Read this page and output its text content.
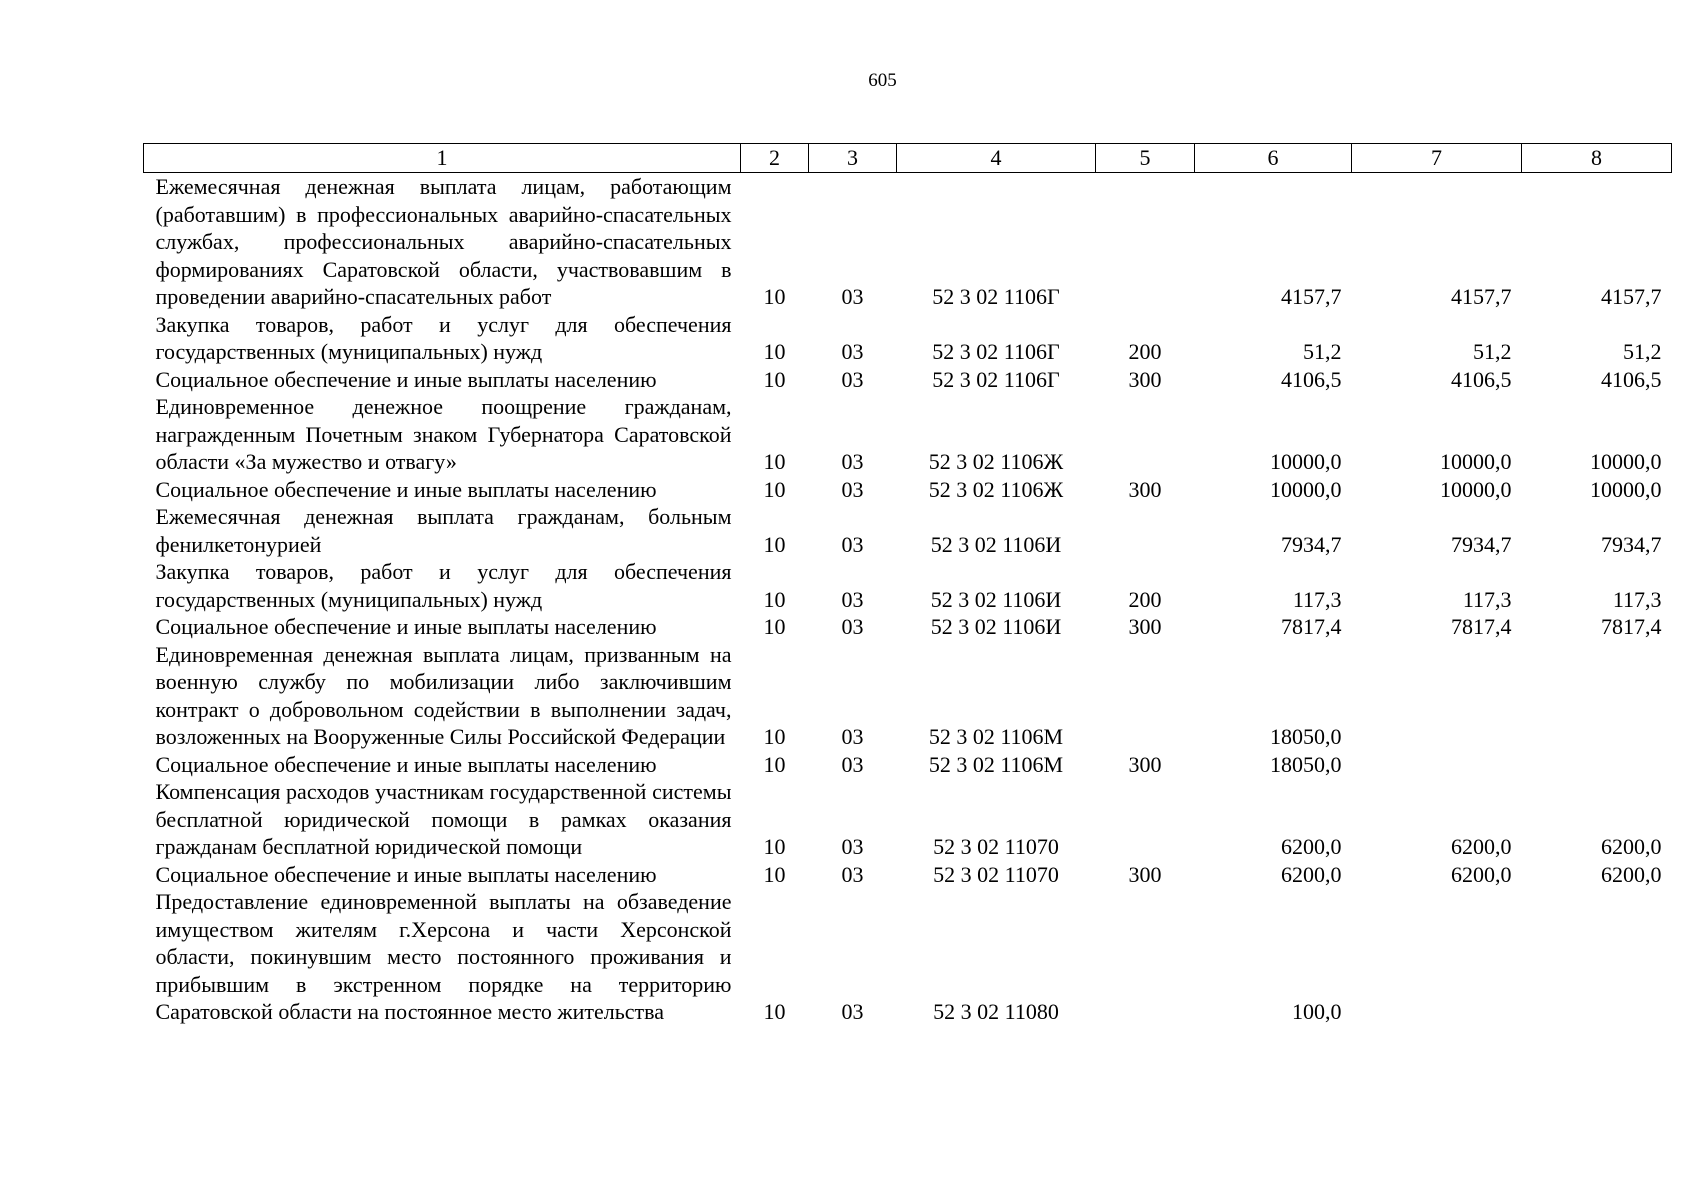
605
1	2	3	4	5	6	7	8
Ежемесячная денежная выплата лицам, работающим (работавшим) в профессиональных аварийно-спасательных службах, профессиональных аварийно-спасательных формированиях Саратовской области, участвовавшим в проведении аварийно-спасательных работ	10	03	52 3 02 1106Г		4157,7	4157,7	4157,7
Закупка товаров, работ и услуг для обеспечения государственных (муниципальных) нужд	10	03	52 3 02 1106Г	200	51,2	51,2	51,2
Социальное обеспечение и иные выплаты населению	10	03	52 3 02 1106Г	300	4106,5	4106,5	4106,5
Единовременное денежное поощрение гражданам, награжденным Почетным знаком Губернатора Саратовской области «За мужество и отвагу»	10	03	52 3 02 1106Ж		10000,0	10000,0	10000,0
Социальное обеспечение и иные выплаты населению	10	03	52 3 02 1106Ж	300	10000,0	10000,0	10000,0
Ежемесячная денежная выплата гражданам, больным фенилкетонурией	10	03	52 3 02 1106И		7934,7	7934,7	7934,7
Закупка товаров, работ и услуг для обеспечения государственных (муниципальных) нужд	10	03	52 3 02 1106И	200	117,3	117,3	117,3
Социальное обеспечение и иные выплаты населению	10	03	52 3 02 1106И	300	7817,4	7817,4	7817,4
Единовременная денежная выплата лицам, призванным на военную службу по мобилизации либо заключившим контракт о добровольном содействии в выполнении задач, возложенных на Вооруженные Силы Российской Федерации	10	03	52 3 02 1106М		18050,0		
Социальное обеспечение и иные выплаты населению	10	03	52 3 02 1106М	300	18050,0		
Компенсация расходов участникам государственной системы бесплатной юридической помощи в рамках оказания гражданам бесплатной юридической помощи	10	03	52 3 02 11070		6200,0	6200,0	6200,0
Социальное обеспечение и иные выплаты населению	10	03	52 3 02 11070	300	6200,0	6200,0	6200,0
Предоставление единовременной выплаты на обзаведение имуществом жителям г.Херсона и части Херсонской области, покинувшим место постоянного проживания и прибывшим в экстренном порядке на территорию Саратовской области на постоянное место жительства	10	03	52 3 02 11080		100,0		
